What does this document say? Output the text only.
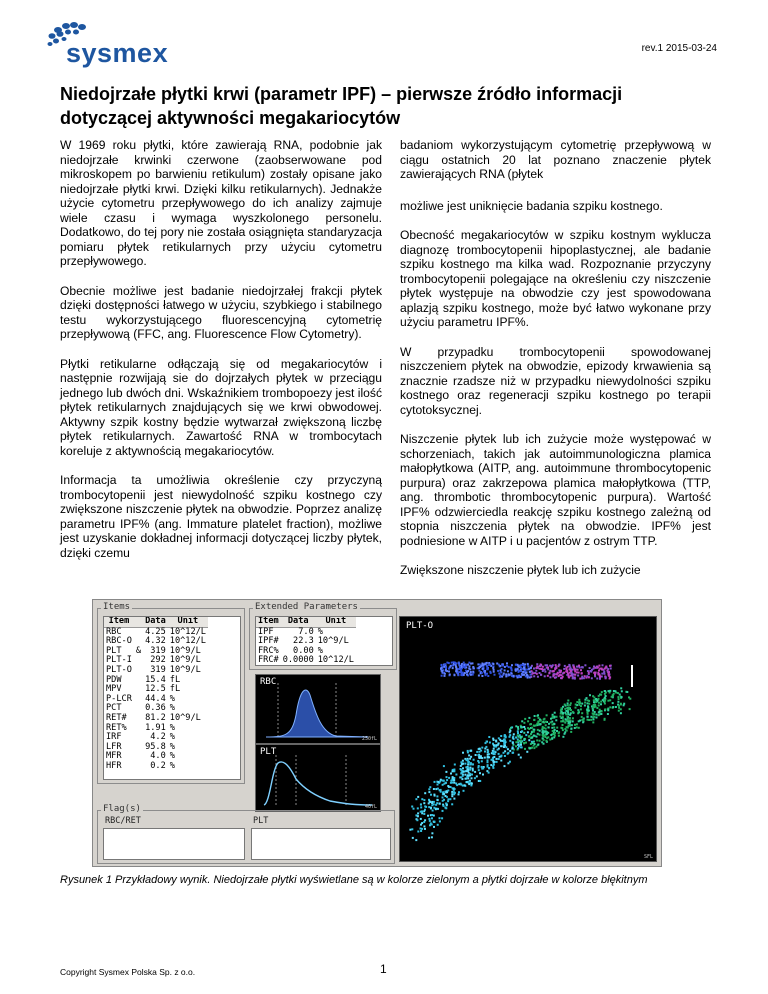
sysmex	rev.1 2015-03-24
Niedojrzałe płytki krwi (parametr IPF) – pierwsze źródło informacji dotyczącej aktywności megakariocytów

W 1969 roku płytki, które zawierają RNA, podobnie jak niedojrzałe krwinki czerwone (zaobserwowane pod mikroskopem po barwieniu retikulum) zostały opisane jako niedojrzałe płytki krwi. Dzięki kilku retikularnych). Jednakże użycie cytometru przepływowego do ich analizy zajmuje wiele czasu i wymaga wyszkolonego personelu. Dodatkowo, do tej pory nie została osiągnięta standaryzacja pomiaru płytek retikularnych przy użyciu cytometru przepływowego.

Obecnie możliwe jest badanie niedojrzałej frakcji płytek dzięki dostępności łatwego w użyciu, szybkiego i stabilnego testu wykorzystującego fluorescencyjną cytometrię przepływową (FFC, ang. Fluorescence Flow Cytometry).

Płytki retikularne odłączają się od megakariocytów i następnie rozwijają sie do dojrzałych płytek w przeciągu jednego lub dwóch dni. Wskaźnikiem trombopoezy jest ilość płytek retikularnych znajdujących się we krwi obwodowej. Aktywny szpik kostny będzie wytwarzał zwiększoną liczbę płytek retikularnych. Zawartość RNA w trombocytach koreluje z aktywnością megakariocytów.

Informacja ta umożliwia określenie czy przyczyną trombocytopenii jest niewydolność szpiku kostnego czy zwiększone niszczenie płytek na obwodzie. Poprzez analizę parametru IPF% (ang. Immature platelet fraction), możliwe jest uzyskanie dokładnej informacji dotyczącej liczby płytek, dzięki czemu

badaniom wykorzystującym cytometrię przepływową w ciągu ostatnich 20 lat poznano znaczenie płytek zawierających RNA (płytek

możliwe jest uniknięcie badania szpiku kostnego.

Obecność megakariocytów w szpiku kostnym wyklucza diagnozę trombocytopenii hipoplastycznej, ale badanie szpiku kostnego ma kilka wad. Rozpoznanie przyczyny trombocytopenii polegające na określeniu czy niszczenie płytek występuje na obwodzie czy jest spowodowana aplazją szpiku kostnego, może być łatwo wykonane przy użyciu parametru IPF%.

W przypadku trombocytopenii spowodowanej niszczeniem płytek na obwodzie, epizody krwawienia są znacznie rzadsze niż w przypadku niewydolności szpiku kostnego oraz regeneracji szpiku kostnego po terapii cytotoksycznej.

Niszczenie płytek lub ich zużycie może występować w schorzeniach, takich jak autoimmunologiczna plamica małopłytkowa (AITP, ang. autoimmune thrombocytopenic purpura) oraz zakrzepowa plamica małopłytkowa (TTP, ang. thrombotic thrombocytopenic purpura). Wartość IPF% odzwierciedla reakcję szpiku kostnego zależną od stopnia niszczenia płytek na obwodzie. IPF% jest podniesione w AITP i u pacjentów z ostrym TTP.

Zwiększone niszczenie płytek lub ich zużycie

Items
Item		Data	Unit
RBC		4.25	10^12/L
RBC-O		4.32	10^12/L
PLT	&	319	10^9/L
PLT-I		292	10^9/L
PLT-O		319	10^9/L
PDW		15.4	fL
MPV		12.5	fL
P-LCR		44.4	%
PCT		0.36	%
RET#		81.2	10^9/L
RET%		1.91	%
IRF		4.2	%
LFR		95.8	%
MFR		4.0	%
HFR		0.2	%
Extended Parameters
Item	Data	Unit
IPF	7.0	%
IPF#	22.3	10^9/L
FRC%	0.00	%
FRC#	0.0000	10^12/L
RBC
250fL
PLT
40fL
PLT-O
SFL
Flag(s)
RBC/RET	PLT
Rysunek 1 Przykładowy wynik. Niedojrzałe płytki wyświetlane są w kolorze zielonym a płytki dojrzałe w kolorze błękitnym
Copyright Sysmex Polska Sp. z o.o.	1
